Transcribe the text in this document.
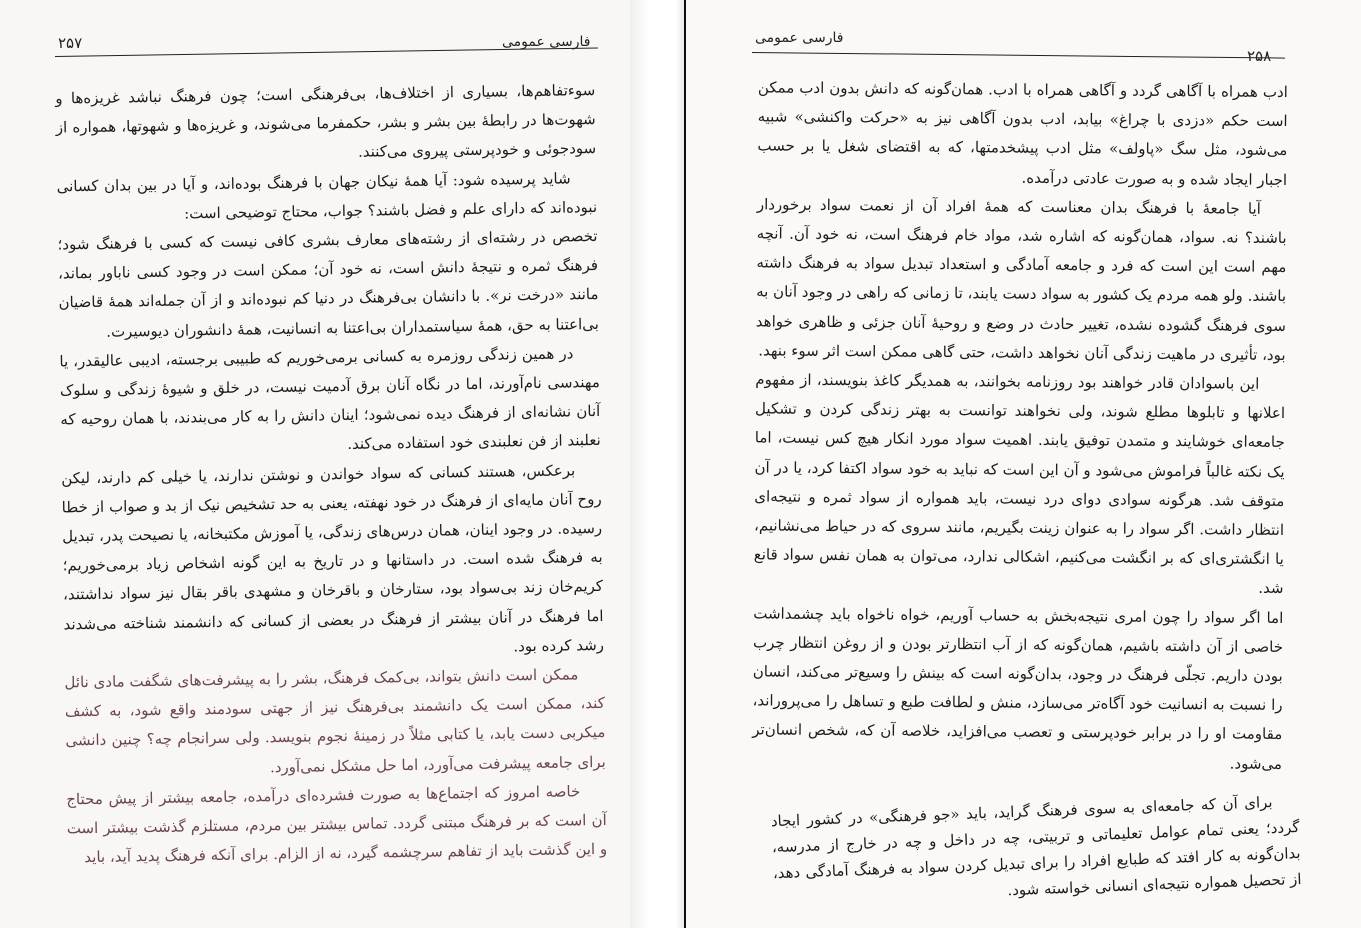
۲۵۷	فارسی عمومی	فارسی عمومی
۲۵۸

سوءتفاهم‌ها، بسیاری از اختلاف‌ها، بی‌فرهنگی است؛ چون فرهنگ نباشد غریزه‌ها و شهوت‌ها در رابطهٔ بین بشر و بشر، حکمفرما می‌شوند، و غریزه‌ها و شهوتها، همواره از سودجوئی و خودپرستی پیروی می‌کنند.

شاید پرسیده شود: آیا همهٔ نیکان جهان با فرهنگ بوده‌اند، و آیا در بین بدان کسانی نبوده‌اند که دارای علم و فضل باشند؟ جواب، محتاج توضیحی است:

تخصص در رشته‌ای از رشته‌های معارف بشری کافی نیست که کسی با فرهنگ شود؛ فرهنگ ثمره و نتیجهٔ دانش است، نه خود آن؛ ممکن است در وجود کسی ناباور بماند، مانند «درخت نر». با دانشان بی‌فرهنگ در دنیا کم نبوده‌اند و از آن جمله‌اند همهٔ قاضیان بی‌اعتنا به حق، همهٔ سیاستمداران بی‌اعتنا به انسانیت، همهٔ دانشوران دیوسیرت.

در همین زندگی روزمره به کسانی برمی‌خوریم که طبیبی برجسته، ادیبی عالیقدر، یا مهندسی نام‌آورند، اما در نگاه آنان برق آدمیت نیست، در خلق و شیوهٔ زندگی و سلوک آنان نشانه‌ای از فرهنگ دیده نمی‌شود؛ اینان دانش را به کار می‌بندند، با همان روحیه که نعلبند از فن نعلبندی خود استفاده می‌کند.

برعکس، هستند کسانی که سواد خواندن و نوشتن ندارند، یا خیلی کم دارند، لیکن روح آنان مایه‌ای از فرهنگ در خود نهفته، یعنی به حد تشخیص نیک از بد و صواب از خطا رسیده. در وجود اینان، همان درس‌های زندگی، یا آموزش مکتبخانه، یا نصیحت پدر، تبدیل به فرهنگ شده است. در داستانها و در تاریخ به این گونه اشخاص زیاد برمی‌خوریم؛ کریم‌خان زند بی‌سواد بود، ستارخان و باقرخان و مشهدی باقر بقال نیز سواد نداشتند، اما فرهنگ در آنان بیشتر از فرهنگ در بعضی از کسانی که دانشمند شناخته می‌شدند رشد کرده بود.

ممکن است دانش بتواند، بی‌کمک فرهنگ، بشر را به پیشرفت‌های شگفت مادی نائل کند، ممکن است یک دانشمند بی‌فرهنگ نیز از جهتی سودمند واقع شود، به کشف میکربی دست یابد، یا کتابی مثلاً در زمینهٔ نجوم بنویسد. ولی سرانجام چه؟ چنین دانشی برای جامعه پیشرفت می‌آورد، اما حل مشکل نمی‌آورد.

خاصه امروز که اجتماع‌ها به صورت فشرده‌ای درآمده، جامعه بیشتر از پیش محتاج آن است که بر فرهنگ مبتنی گردد. تماس بیشتر بین مردم، مستلزم گذشت بیشتر است و این گذشت باید از تفاهم سرچشمه گیرد، نه از الزام. برای آنکه فرهنگ پدید آید، باید

ادب همراه با آگاهی گردد و آگاهی همراه با ادب. همان‌گونه که دانش بدون ادب ممکن است حکم «دزدی با چراغ» بیابد، ادب بدون آگاهی نیز به «حرکت واکنشی» شبیه می‌شود، مثل سگ «پاولف» مثل ادب پیشخدمتها، که به اقتضای شغل یا بر حسب اجبار ایجاد شده و به صورت عادتی درآمده.

آیا جامعهٔ با فرهنگ بدان معناست که همهٔ افراد آن از نعمت سواد برخوردار باشند؟ نه. سواد، همان‌گونه که اشاره شد، مواد خام فرهنگ است، نه خود آن. آنچه مهم است این است که فرد و جامعه آمادگی و استعداد تبدیل سواد به فرهنگ داشته باشند. ولو همه مردم یک کشور به سواد دست یابند، تا زمانی که راهی در وجود آنان به سوی فرهنگ گشوده نشده، تغییر حادث در وضع و روحیهٔ آنان جزئی و ظاهری خواهد بود، تأثیری در ماهیت زندگی آنان نخواهد داشت، حتی گاهی ممکن است اثر سوء بنهد.

این باسوادان قادر خواهند بود روزنامه بخوانند، به همدیگر کاغذ بنویسند، از مفهوم اعلانها و تابلوها مطلع شوند، ولی نخواهند توانست به بهتر زندگی کردن و تشکیل جامعه‌ای خوشایند و متمدن توفیق یابند. اهمیت سواد مورد انکار هیچ کس نیست، اما یک نکته غالباً فراموش می‌شود و آن این است که نباید به خود سواد اکتفا کرد، یا در آن متوقف شد. هرگونه سوادی دوای درد نیست، باید همواره از سواد ثمره و نتیجه‌ای انتظار داشت. اگر سواد را به عنوان زینت بگیریم، مانند سروی که در حیاط می‌نشانیم، یا انگشتری‌ای که بر انگشت می‌کنیم، اشکالی ندارد، می‌توان به همان نفس سواد قانع شد.

اما اگر سواد را چون امری نتیجه‌بخش به حساب آوریم، خواه ناخواه باید چشمداشت خاصی از آن داشته باشیم، همان‌گونه که از آب انتظارتر بودن و از روغن انتظار چرب بودن داریم. تجلّی فرهنگ در وجود، بدان‌گونه است که بینش را وسیع‌تر می‌کند، انسان را نسبت به انسانیت خود آگاه‌تر می‌سازد، منش و لطافت طبع و تساهل را می‌پروراند، مقاومت او را در برابر خودپرستی و تعصب می‌افزاید، خلاصه آن که، شخص انسان‌تر می‌شود.

برای آن که جامعه‌ای به سوی فرهنگ گراید، باید «جو فرهنگی» در کشور ایجاد گردد؛ یعنی تمام عوامل تعلیماتی و تربیتی، چه در داخل و چه در خارج از مدرسه، بدان‌گونه به کار افتد که طبایع افراد را برای تبدیل کردن سواد به فرهنگ آمادگی دهد، از تحصیل همواره نتیجه‌ای انسانی خواسته شود.
